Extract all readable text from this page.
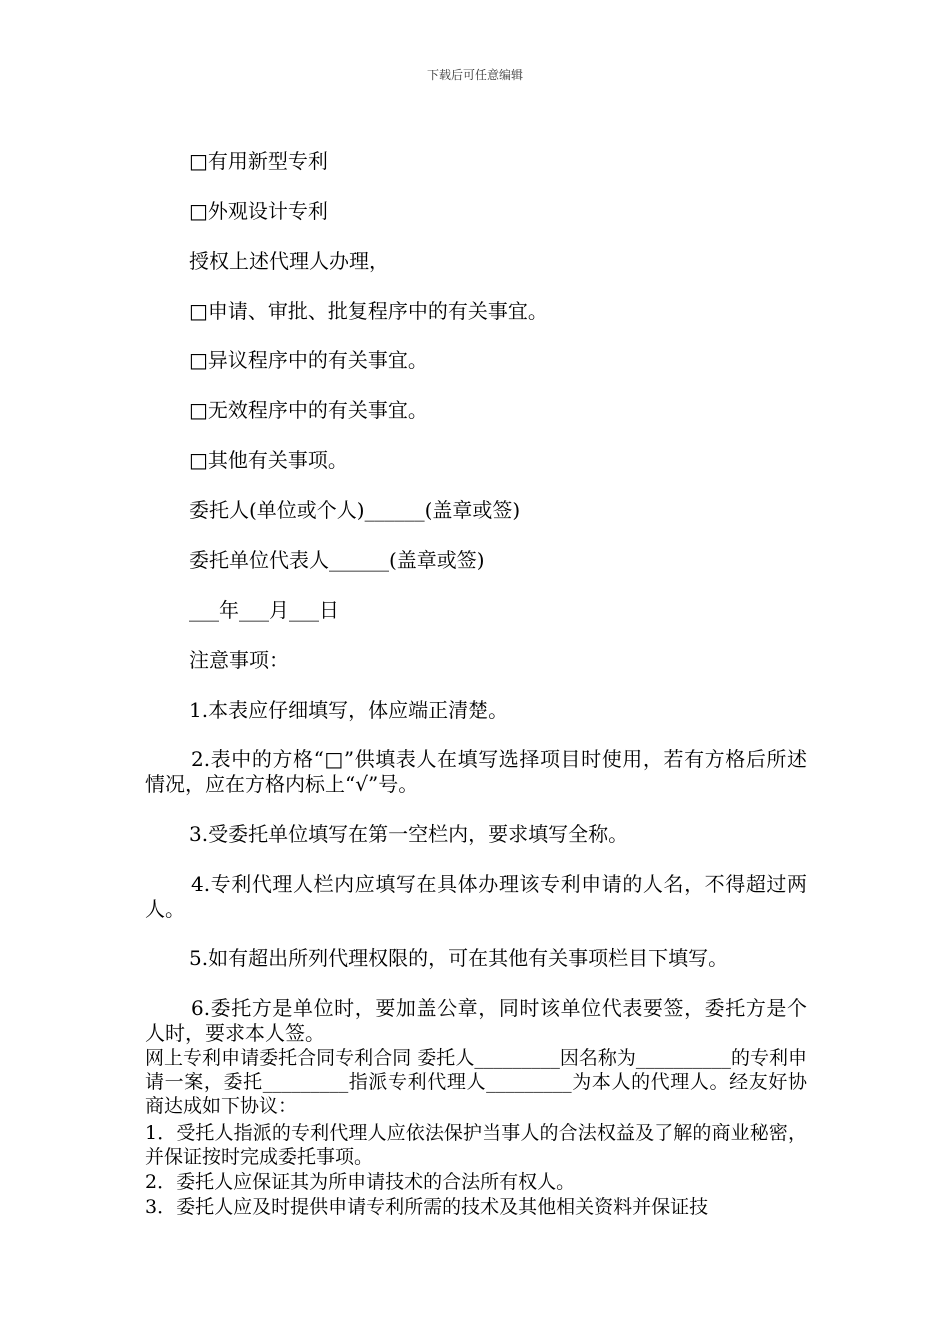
下载后可任意编辑
□有用新型专利
□外观设计专利
授权上述代理人办理，
□申请、审批、批复程序中的有关事宜。
□异议程序中的有关事宜。
□无效程序中的有关事宜。
□其他有关事项。
委托人(单位或个人)______(盖章或签)
委托单位代表人______(盖章或签)
___年___月___日
注意事项：
1.本表应仔细填写，体应端正清楚。
2.表中的方格“□”供填表人在填写选择项目时使用，若有方格后所述情况，应在方格内标上“√”号。
3.受委托单位填写在第一空栏内，要求填写全称。
4.专利代理人栏内应填写在具体办理该专利申请的人名，不得超过两人。
5.如有超出所列代理权限的，可在其他有关事项栏目下填写。
6.委托方是单位时，要加盖公章，同时该单位代表要签，委托方是个人时，要求本人签。
网上专利申请委托合同专利合同 委托人_________因名称为__________的专利申请一案，委托_________指派专利代理人_________为本人的代理人。经友好协商达成如下协议：
1．受托人指派的专利代理人应依法保护当事人的合法权益及了解的商业秘密，并保证按时完成委托事项。
2．委托人应保证其为所申请技术的合法所有权人。
3．委托人应及时提供申请专利所需的技术及其他相关资料并保证技
